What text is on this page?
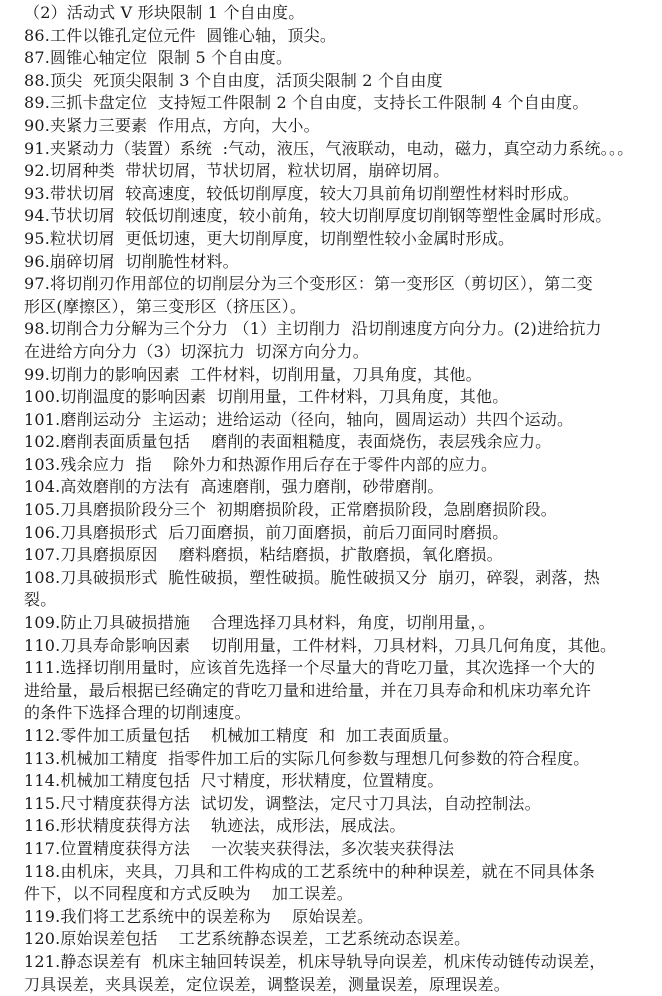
（2）活动式 V 形块限制 1 个自由度。
86.工件以锥孔定位元件  圆锥心轴，顶尖。
87.圆锥心轴定位  限制 5 个自由度。
88.顶尖  死顶尖限制 3 个自由度，活顶尖限制 2 个自由度
89.三抓卡盘定位  支持短工件限制 2 个自由度，支持长工件限制 4 个自由度。
90.夹紧力三要素  作用点，方向，大小。
91.夹紧动力（装置）系统  :气动，液压，气液联动，电动，磁力，真空动力系统。。。
92.切屑种类  带状切屑，节状切屑，粒状切屑，崩碎切屑。
93.带状切屑  较高速度，较低切削厚度，较大刀具前角切削塑性材料时形成。
94.节状切屑  较低切削速度，较小前角，较大切削厚度切削钢等塑性金属时形成。
95.粒状切屑  更低切速，更大切削厚度，切削塑性较小金属时形成。
96.崩碎切屑  切削脆性材料。
97.将切削刃作用部位的切削层分为三个变形区：第一变形区（剪切区），第二变
形区(摩擦区），第三变形区（挤压区）。
98.切削合力分解为三个分力 （1）主切削力  沿切削速度方向分力。(2)进给抗力
在进给方向分力（3）切深抗力  切深方向分力。
99.切削力的影响因素  工件材料，切削用量，刀具角度，其他。
100.切削温度的影响因素  切削用量，工件材料，刀具角度，其他。
101.磨削运动分  主运动；进给运动（径向，轴向，圆周运动）共四个运动。
102.磨削表面质量包括    磨削的表面粗糙度，表面烧伤，表层残余应力。
103.残余应力  指    除外力和热源作用后存在于零件内部的应力。
104.高效磨削的方法有  高速磨削，强力磨削，砂带磨削。
105.刀具磨损阶段分三个  初期磨损阶段，正常磨损阶段，急剧磨损阶段。
106.刀具磨损形式  后刀面磨损，前刀面磨损，前后刀面同时磨损。
107.刀具磨损原因    磨料磨损，粘结磨损，扩散磨损，氧化磨损。
108.刀具破损形式  脆性破损，塑性破损。脆性破损又分  崩刃，碎裂，剥落，热
裂。
109.防止刀具破损措施    合理选择刀具材料，角度，切削用量，。
110.刀具寿命影响因素    切削用量，工件材料，刀具材料，刀具几何角度，其他。
111.选择切削用量时，应该首先选择一个尽量大的背吃刀量，其次选择一个大的
进给量，最后根据已经确定的背吃刀量和进给量，并在刀具寿命和机床功率允许
的条件下选择合理的切削速度。
112.零件加工质量包括    机械加工精度  和  加工表面质量。
113.机械加工精度  指零件加工后的实际几何参数与理想几何参数的符合程度。
114.机械加工精度包括  尺寸精度，形状精度，位置精度。
115.尺寸精度获得方法  试切发，调整法，定尺寸刀具法，自动控制法。
116.形状精度获得方法    轨迹法，成形法，展成法。
117.位置精度获得方法    一次装夹获得法，多次装夹获得法
118.由机床，夹具，刀具和工件构成的工艺系统中的种种误差，就在不同具体条
件下，以不同程度和方式反映为    加工误差。
119.我们将工艺系统中的误差称为    原始误差。
120.原始误差包括    工艺系统静态误差，工艺系统动态误差。
121.静态误差有  机床主轴回转误差，机床导轨导向误差，机床传动链传动误差，
刀具误差，夹具误差，定位误差，调整误差，测量误差，原理误差。
